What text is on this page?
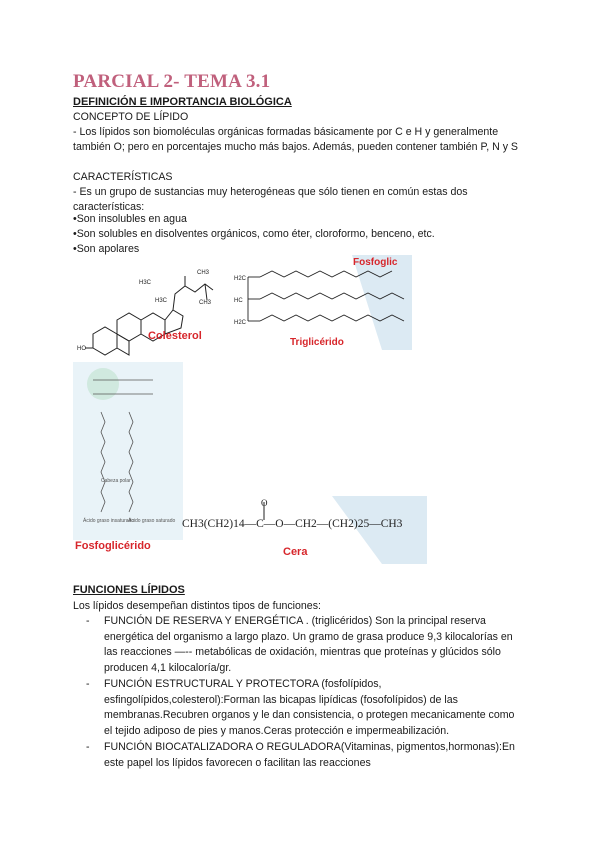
PARCIAL 2- TEMA 3.1
DEFINICIÓN E IMPORTANCIA BIOLÓGICA
CONCEPTO DE LÍPIDO
- Los lípidos son biomoléculas orgánicas formadas básicamente por C e H y generalmente también O; pero en porcentajes mucho más bajos. Además, pueden contener también P, N y S
CARACTERÍSTICAS
- Es un grupo de sustancias muy heterogéneas que sólo tienen en común estas dos características:
•Son insolubles en agua
•Son solubles en disolventes orgánicos, como éter, cloroformo, benceno, etc.
•Son apolares
HO
H3C
CH3
CH3
H3C
Colesterol
H2C
HC
H2C
Fosfoglic
Triglicérido
Cabeza polar
Ácido graso insaturado
Ácido graso saturado
Fosfoglicérido
O
CH3(CH2)14—C—O—CH2—(CH2)25—CH3
Cera
FUNCIONES LÍPIDOS
Los lípidos desempeñan distintos tipos de funciones:
- FUNCIÓN DE RESERVA Y ENERGÉTICA . (triglicéridos) Son la principal reserva energética del organismo a largo plazo. Un gramo de grasa produce 9,3 kilocalorías en las reacciones —-- metabólicas de oxidación, mientras que proteínas y glúcidos sólo producen 4,1 kilocaloría/gr.
- FUNCIÓN ESTRUCTURAL Y PROTECTORA (fosfolípidos, esfingolípidos,colesterol):Forman las bicapas lipídicas (fosofolípidos) de las membranas.Recubren organos y le dan consistencia, o protegen mecanicamente como el tejido adiposo de pies y manos.Ceras protección e impermeabilización.
- FUNCIÓN BIOCATALIZADORA O REGULADORA(Vitaminas, pigmentos,hormonas):En este papel los lípidos favorecen o facilitan las reacciones
